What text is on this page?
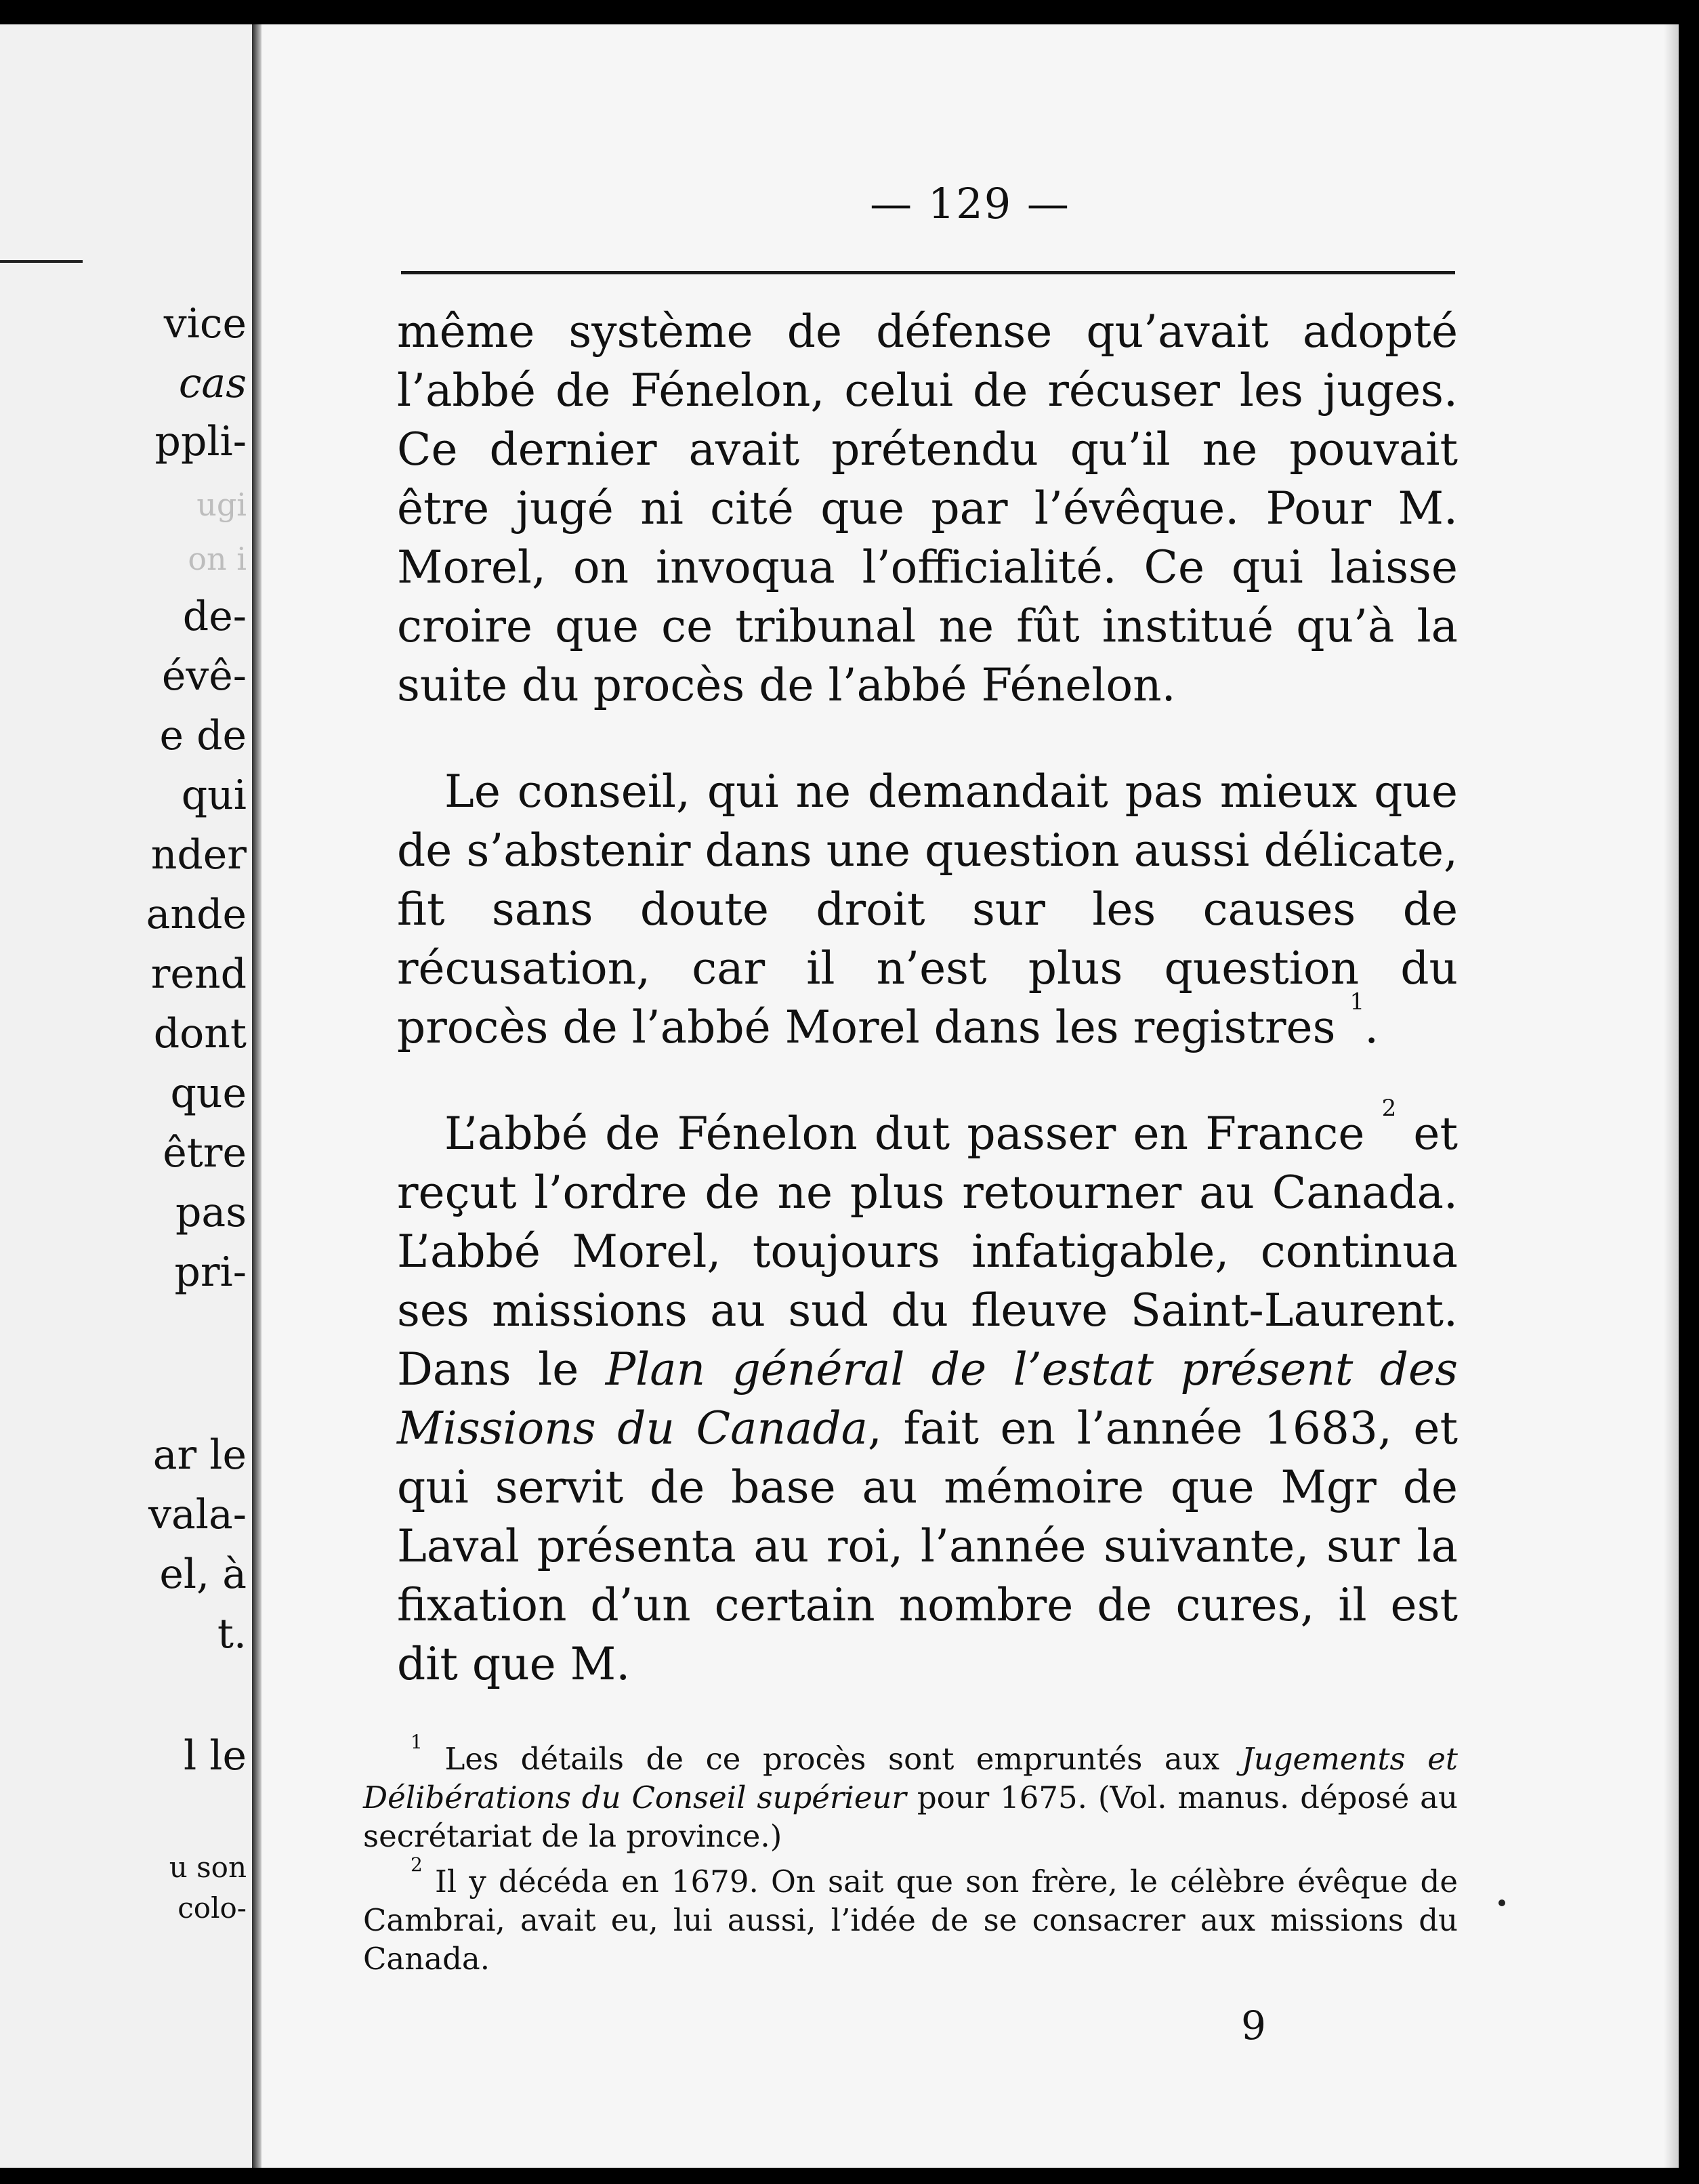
vice
cas
ppli-
ugi
on i
de-
évê-
e de
qui
nder
ande
rend
dont
que
être
pas
pri-
ar le
vala-
el, à
t.
l le
u son
colo-
— 129 —

même système de défense qu’avait adopté l’abbé de Fénelon, celui de récuser les juges. Ce dernier avait prétendu qu’il ne pouvait être jugé ni cité que par l’évêque. Pour M. Morel, on invoqua l’officialité. Ce qui laisse croire que ce tribunal ne fût institué qu’à la suite du procès de l’abbé Fénelon.

Le conseil, qui ne demandait pas mieux que de s’abstenir dans une question aussi délicate, fit sans doute droit sur les causes de récusation, car il n’est plus question du procès de l’abbé Morel dans les registres $^1$.

L’abbé de Fénelon dut passer en France $^2$ et reçut l’ordre de ne plus retourner au Canada. L’abbé Morel, toujours infatigable, continua ses missions au sud du fleuve Saint-Laurent. Dans le Plan général de l’estat présent des Missions du Canada, fait en l’année 1683, et qui servit de base au mémoire que Mgr de Laval présenta au roi, l’année suivante, sur la fixation d’un certain nombre de cures, il est dit que M.

$^1$ Les détails de ce procès sont empruntés aux Jugements et Délibérations du Conseil supérieur pour 1675. (Vol. manus. déposé au secrétariat de la province.)

$^2$ Il y décéda en 1679. On sait que son frère, le célèbre évêque de Cambrai, avait eu, lui aussi, l’idée de se consacrer aux missions du Canada.

9
